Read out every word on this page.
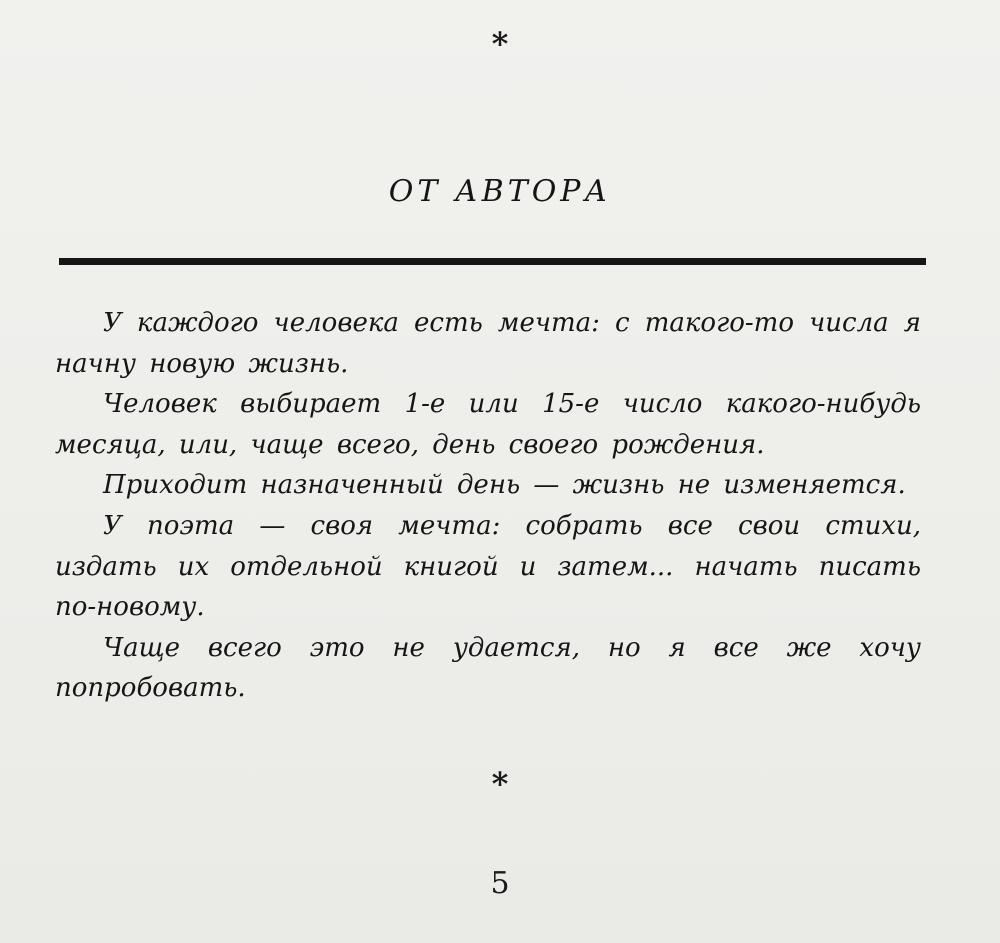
*
ОТ АВТОРА

У каждого человека есть мечта: с такого-то числа я начну новую жизнь.

Человек выбирает 1-е или 15-е число какого-нибудь месяца, или, чаще всего, день своего рождения.

Приходит назначенный день — жизнь не изменяется.

У поэта — своя мечта: собрать все свои стихи, издать их отдельной книгой и затем... начать писать по-новому.

Чаще всего это не удается, но я все же хочу попробовать.

*
5
